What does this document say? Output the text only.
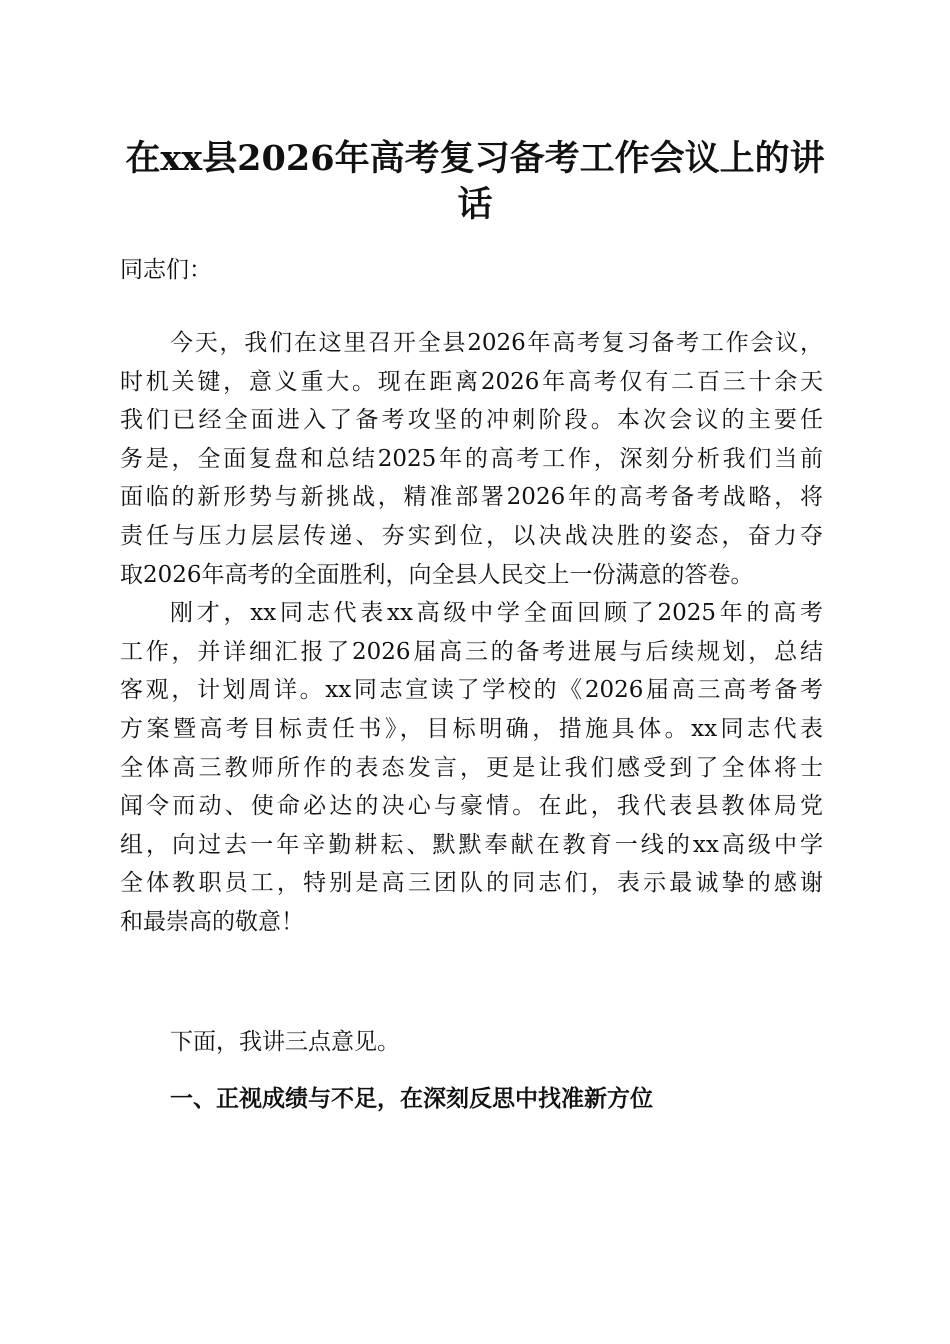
在xx县2026年高考复习备考工作会议上的讲
话
同志们：
今天，我们在这里召开全县2026年高考复习备考工作会议，
时机关键，意义重大。现在距离2026年高考仅有二百三十余天
我们已经全面进入了备考攻坚的冲刺阶段。本次会议的主要任
务是，全面复盘和总结2025年的高考工作，深刻分析我们当前
面临的新形势与新挑战，精准部署2026年的高考备考战略，将
责任与压力层层传递、夯实到位，以决战决胜的姿态，奋力夺
取2026年高考的全面胜利，向全县人民交上一份满意的答卷。
刚才，xx同志代表xx高级中学全面回顾了2025年的高考
工作，并详细汇报了2026届高三的备考进展与后续规划，总结
客观，计划周详。xx同志宣读了学校的《2026届高三高考备考
方案暨高考目标责任书》，目标明确，措施具体。xx同志代表
全体高三教师所作的表态发言，更是让我们感受到了全体将士
闻令而动、使命必达的决心与豪情。在此，我代表县教体局党
组，向过去一年辛勤耕耘、默默奉献在教育一线的xx高级中学
全体教职员工，特别是高三团队的同志们，表示最诚挚的感谢
和最崇高的敬意！
下面，我讲三点意见。
一、正视成绩与不足，在深刻反思中找准新方位
